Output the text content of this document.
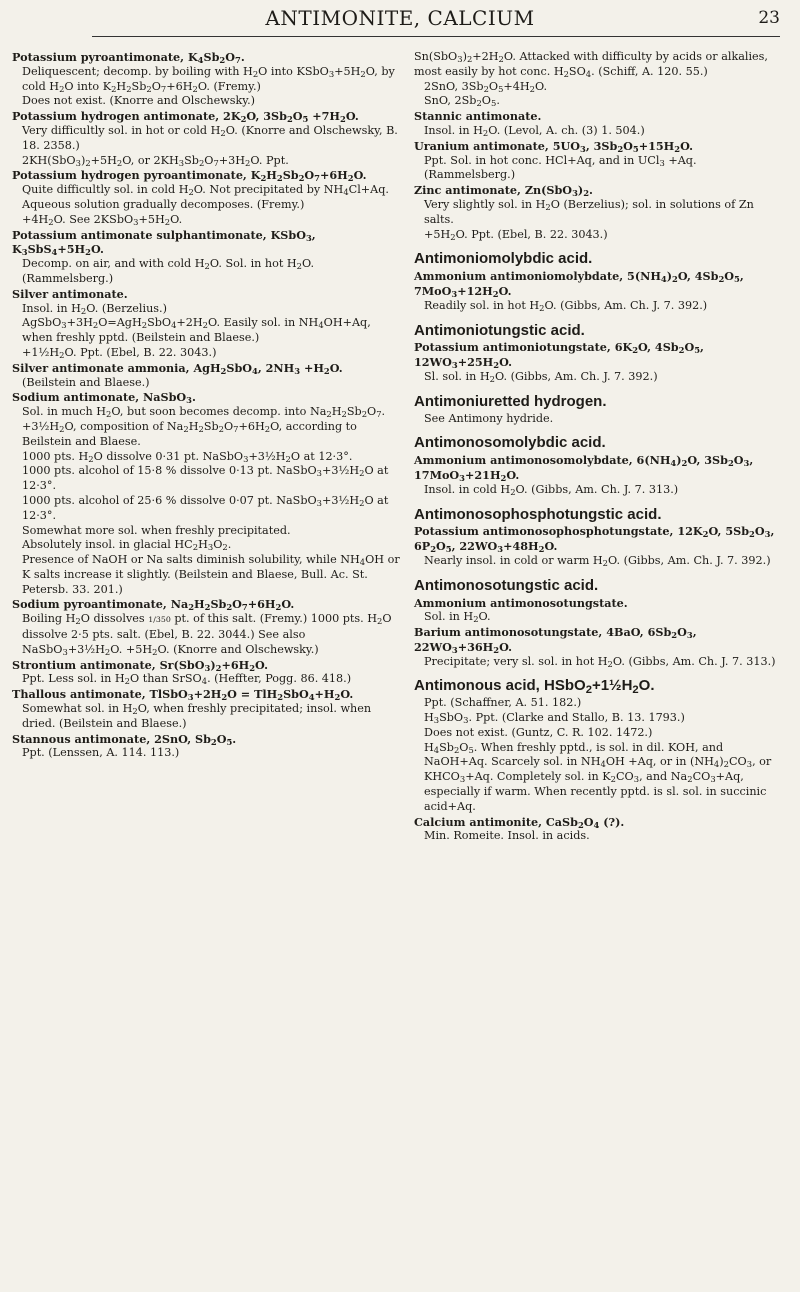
ANTIMONITE, CALCIUM	23

Potassium pyroantimonate, $K_4Sb_2O_7$.

Deliquescent; decomp. by boiling with $H_2O$ into $KSbO_3+5H_2O$, by cold $H_2O$ into $K_2H_2Sb_2O_7+6H_2O$. (Fremy.)

Does not exist. (Knorre and Olschewsky.)

Potassium hydrogen antimonate, $2K_2O$, $3Sb_2O_5 +7H_2O$.

Very difficultly sol. in hot or cold $H_2O$. (Knorre and Olschewsky, B. 18. 2358.)

$2KH(SbO_3)_2+5H_2O$, or $2KH_3Sb_2O_7+3H_2O$. Ppt.

Potassium hydrogen pyroantimonate, $K_2H_2Sb_2O_7+6H_2O$.

Quite difficultly sol. in cold $H_2O$. Not precipitated by $NH_4Cl+Aq$. Aqueous solution gradually decomposes. (Fremy.)

$+4H_2O$. See $2KSbO_3+5H_2O$.

Potassium antimonate sulphantimonate, KSbO$_3$, $K_3SbS_4+5H_2O$.

Decomp. on air, and with cold $H_2O$. Sol. in hot $H_2O$. (Rammelsberg.)

Silver antimonate.

Insol. in $H_2O$. (Berzelius.)

$AgSbO_3+3H_2O=AgH_2SbO_4+2H_2O$. Easily sol. in $NH_4OH+Aq$, when freshly pptd. (Beilstein and Blaese.)

$+1\frac{1}{2}H_2O$. Ppt. (Ebel, B. 22. 3043.)

Silver antimonate ammonia, AgH$_2$SbO$_4$, $2NH_3 +H_2O$.

(Beilstein and Blaese.)

Sodium antimonate, NaSbO$_3$.

Sol. in much $H_2O$, but soon becomes decomp. into $Na_2H_2Sb_2O_7$.

$+3\frac{1}{2}H_2O$, composition of $Na_2H_2Sb_2O_7+6H_2O$, according to Beilstein and Blaese.

1000 pts. $H_2O$ dissolve 0·31 pt. $NaSbO_3+3\frac{1}{2}H_2O$ at 12·3°.

1000 pts. alcohol of 15·8 % dissolve 0·13 pt. $NaSbO_3+3\frac{1}{2}H_2O$ at 12·3°.

1000 pts. alcohol of 25·6 % dissolve 0·07 pt. $NaSbO_3+3\frac{1}{2}H_2O$ at 12·3°.

Somewhat more sol. when freshly precipitated.

Absolutely insol. in glacial $HC_2H_3O_2$.

Presence of NaOH or Na salts diminish solubility, while $NH_4OH$ or K salts increase it slightly. (Beilstein and Blaese, Bull. Ac. St. Petersb. 33. 201.)

Sodium pyroantimonate, $Na_2H_2Sb_2O_7+6H_2O$.

Boiling $H_2O$ dissolves 1/350 pt. of this salt. (Fremy.) 1000 pts. $H_2O$ dissolve 2·5 pts. salt. (Ebel, B. 22. 3044.) See also $NaSbO_3+3\frac{1}{2}H_2O$. $+5H_2O$. (Knorre and Olschewsky.)

Strontium antimonate, $Sr(SbO_3)_2+6H_2O$.

Ppt. Less sol. in $H_2O$ than SrSO$_4$. (Heffter, Pogg. 86. 418.)

Thallous antimonate, $TlSbO_3+2H_2O = TlH_2SbO_4+H_2O$.

Somewhat sol. in $H_2O$, when freshly precipitated; insol. when dried. (Beilstein and Blaese.)

Stannous antimonate, 2SnO, $Sb_2O_5$.

Ppt. (Lenssen, A. 114. 113.)

$Sn(SbO_3)_2+2H_2O$. Attacked with difficulty by acids or alkalies, most easily by hot conc. $H_2SO_4$. (Schiff, A. 120. 55.)

2SnO, $3Sb_2O_5+4H_2O$.

SnO, $2Sb_2O_5$.

Stannic antimonate.

Insol. in $H_2O$. (Levol, A. ch. (3) 1. 504.)

Uranium antimonate, $5UO_3$, $3Sb_2O_5+15H_2O$.

Ppt. Sol. in hot conc. HCl+Aq, and in UCl$_3$ +Aq. (Rammelsberg.)

Zinc antimonate, $Zn(SbO_3)_2$.

Very slightly sol. in $H_2O$ (Berzelius); sol. in solutions of Zn salts.

$+5H_2O$. Ppt. (Ebel, B. 22. 3043.)

Antimoniomolybdic acid.

Ammonium antimoniomolybdate, $5(NH_4)_2O$, $4Sb_2O_5$, $7MoO_3+12H_2O$.

Readily sol. in hot $H_2O$. (Gibbs, Am. Ch. J. 7. 392.)

Antimoniotungstic acid.

Potassium antimoniotungstate, $6K_2O$, $4Sb_2O_5$, $12WO_3+25H_2O$.

Sl. sol. in $H_2O$. (Gibbs, Am. Ch. J. 7. 392.)

Antimoniuretted hydrogen.

See Antimony hydride.

Antimonosomolybdic acid.

Ammonium antimonosomolybdate, $6(NH_4)_2O$, $3Sb_2O_3$, $17MoO_3+21H_2O$.

Insol. in cold $H_2O$. (Gibbs, Am. Ch. J. 7. 313.)

Antimonosophosphotungstic acid.

Potassium antimonosophosphotungstate, $12K_2O$, $5Sb_2O_3$, $6P_2O_5$, $22WO_3+48H_2O$.

Nearly insol. in cold or warm $H_2O$. (Gibbs, Am. Ch. J. 7. 392.)

Antimonosotungstic acid.

Ammonium antimonosotungstate.

Sol. in $H_2O$.

Barium antimonosotungstate, 4BaO, $6Sb_2O_3$, $22WO_3+36H_2O$.

Precipitate; very sl. sol. in hot $H_2O$. (Gibbs, Am. Ch. J. 7. 313.)

Antimonous acid, $HSbO_2+1\frac{1}{2}H_2O$.

Ppt. (Schaffner, A. 51. 182.)

$H_3SbO_3$. Ppt. (Clarke and Stallo, B. 13. 1793.)

Does not exist. (Guntz, C. R. 102. 1472.)

$H_4Sb_2O_5$. When freshly pptd., is sol. in dil. KOH, and NaOH+Aq. Scarcely sol. in $NH_4OH +Aq$, or in $(NH_4)_2CO_3$, or $KHCO_3+Aq$. Completely sol. in $K_2CO_3$, and $Na_2CO_3+Aq$, especially if warm. When recently pptd. is sl. sol. in succinic acid+Aq.

Calcium antimonite, $CaSb_2O_4$ (?).

Min. Romeite. Insol. in acids.
